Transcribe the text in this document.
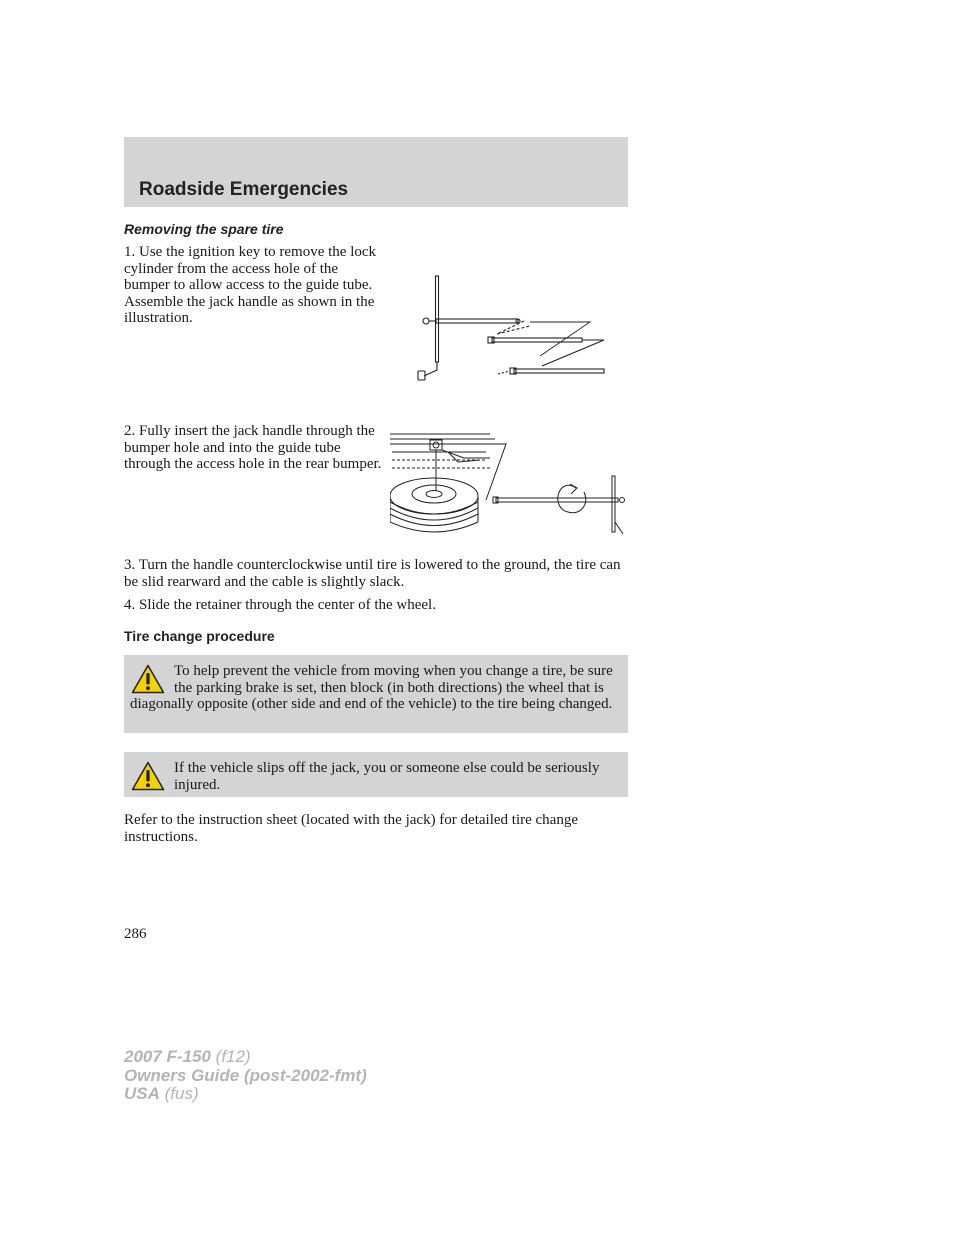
Roadside Emergencies
Removing the spare tire

1. Use the ignition key to remove the lock cylinder from the access hole of the bumper to allow access to the guide tube. Assemble the jack handle as shown in the illustration.

2. Fully insert the jack handle through the bumper hole and into the guide tube through the access hole in the rear bumper.

3. Turn the handle counterclockwise until tire is lowered to the ground, the tire can be slid rearward and the cable is slightly slack.

4. Slide the retainer through the center of the wheel.

Tire change procedure

To help prevent the vehicle from moving when you change a tire, be sure the parking brake is set, then block (in both directions) the wheel that is diagonally opposite (other side and end of the vehicle) to the tire being changed.

If the vehicle slips off the jack, you or someone else could be seriously injured.

Refer to the instruction sheet (located with the jack) for detailed tire change instructions.

286

2007 F-150 (f12)
Owners Guide (post-2002-fmt)
USA (fus)
